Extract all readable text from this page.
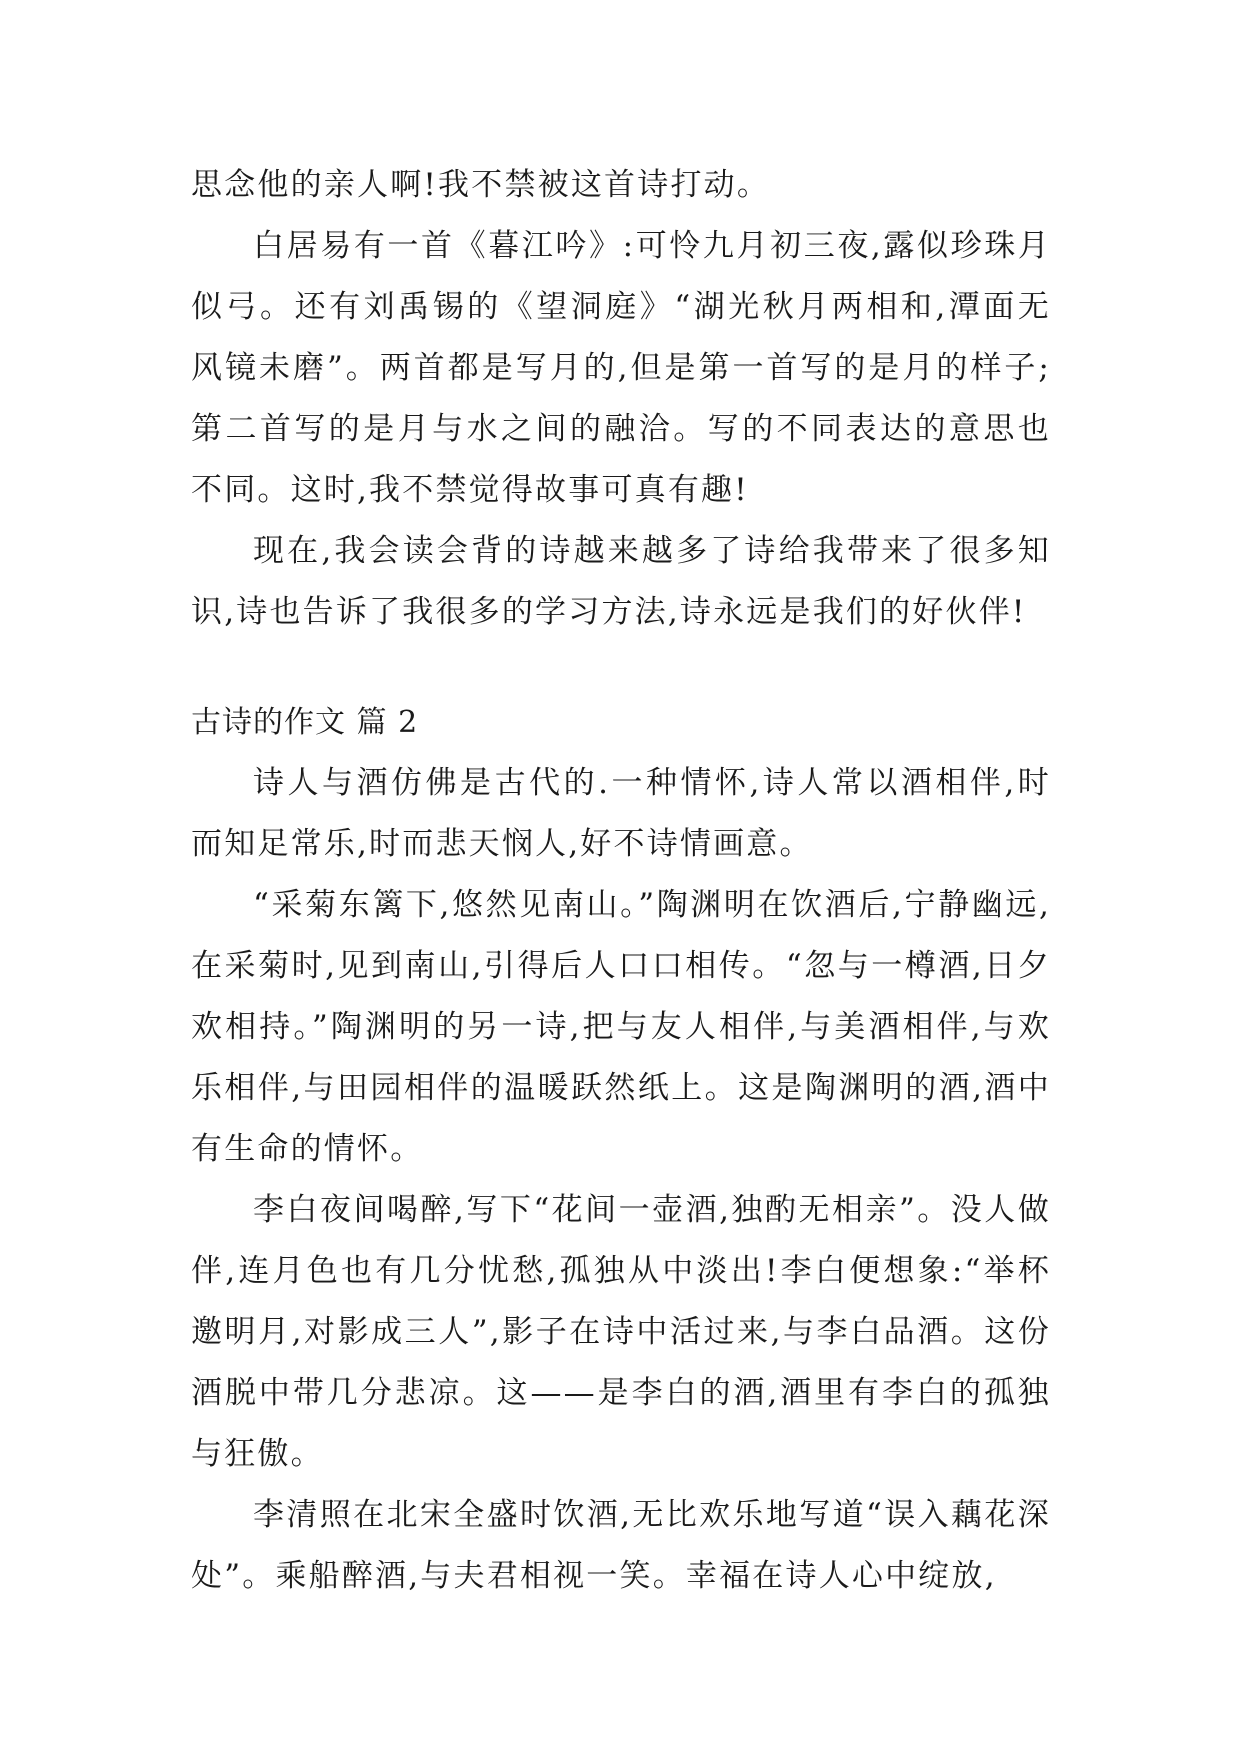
思念他的亲人啊!我不禁被这首诗打动。

白居易有一首《暮江吟》:可怜九月初三夜,露似珍珠月似弓。还有刘禹锡的《望洞庭》“湖光秋月两相和,潭面无风镜未磨”。两首都是写月的,但是第一首写的是月的样子;第二首写的是月与水之间的融洽。写的不同表达的意思也不同。这时,我不禁觉得故事可真有趣!

现在,我会读会背的诗越来越多了诗给我带来了很多知识,诗也告诉了我很多的学习方法,诗永远是我们的好伙伴!

古诗的作文 篇 2

诗人与酒仿佛是古代的.一种情怀,诗人常以酒相伴,时而知足常乐,时而悲天悯人,好不诗情画意。

“采菊东篱下,悠然见南山。”陶渊明在饮酒后,宁静幽远,在采菊时,见到南山,引得后人口口相传。“忽与一樽酒,日夕欢相持。”陶渊明的另一诗,把与友人相伴,与美酒相伴,与欢乐相伴,与田园相伴的温暖跃然纸上。这是陶渊明的酒,酒中有生命的情怀。

李白夜间喝醉,写下“花间一壶酒,独酌无相亲”。没人做伴,连月色也有几分忧愁,孤独从中淡出!李白便想象:“举杯邀明月,对影成三人”,影子在诗中活过来,与李白品酒。这份酒脱中带几分悲凉。这——是李白的酒,酒里有李白的孤独与狂傲。

李清照在北宋全盛时饮酒,无比欢乐地写道“误入藕花深处”。乘船醉酒,与夫君相视一笑。幸福在诗人心中绽放,
